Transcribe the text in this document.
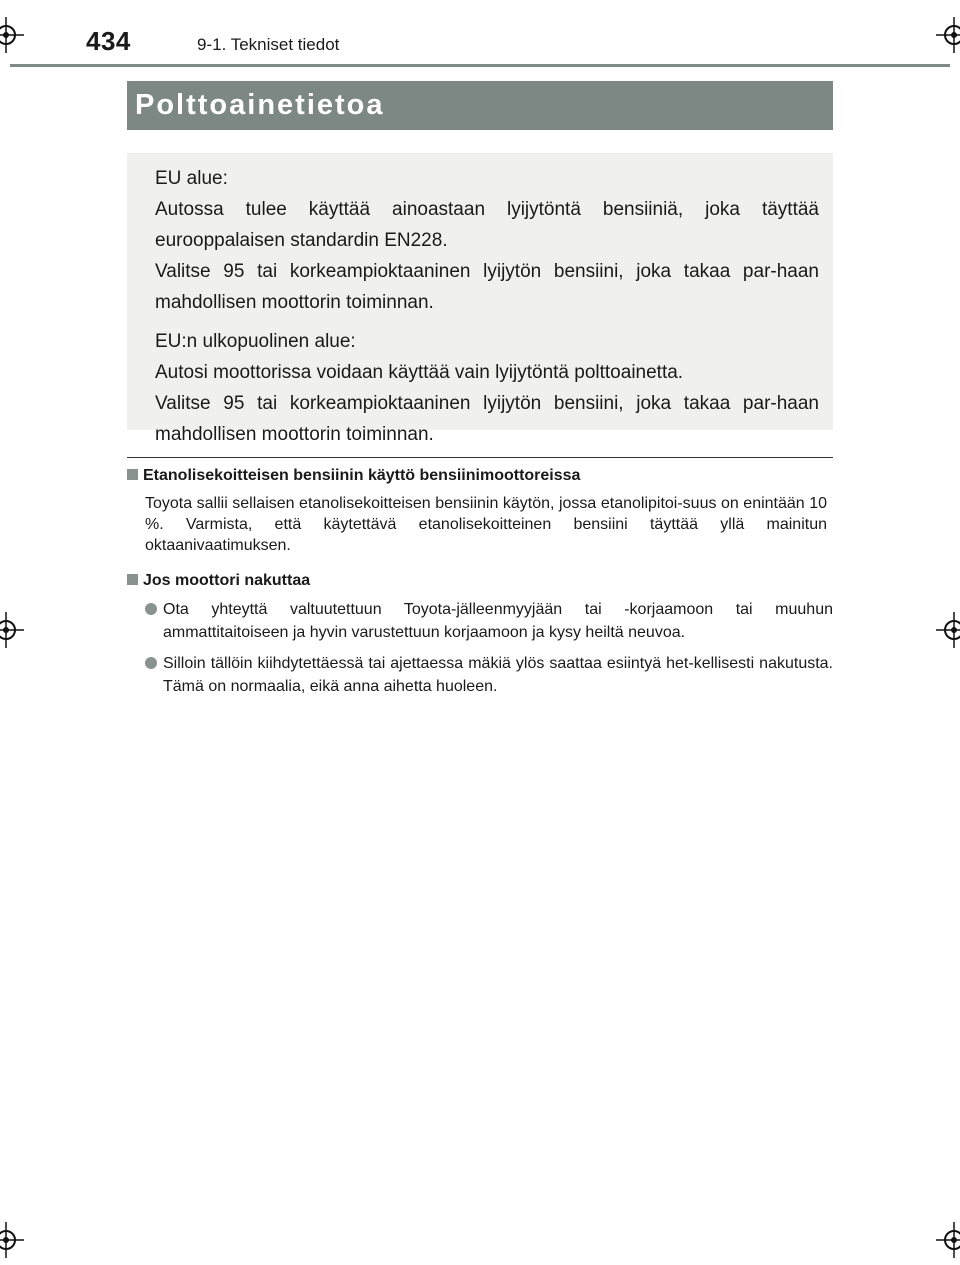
434	9-1. Tekniset tiedot
Polttoainetietoa

EU alue:

Autossa tulee käyttää ainoastaan lyijytöntä bensiiniä, joka täyttää eurooppalaisen standardin EN228.

Valitse 95 tai korkeampioktaaninen lyijytön bensiini, joka takaa par-haan mahdollisen moottorin toiminnan.

EU:n ulkopuolinen alue:

Autosi moottorissa voidaan käyttää vain lyijytöntä polttoainetta.

Valitse 95 tai korkeampioktaaninen lyijytön bensiini, joka takaa par-haan mahdollisen moottorin toiminnan.

Etanolisekoitteisen bensiinin käyttö bensiinimoottoreissa
Toyota sallii sellaisen etanolisekoitteisen bensiinin käytön, jossa etanolipitoi-suus on enintään 10 %. Varmista, että käytettävä etanolisekoitteinen bensiini täyttää yllä mainitun oktaanivaatimuksen.
Jos moottori nakuttaa
Ota yhteyttä valtuutettuun Toyota-jälleenmyyjään tai -korjaamoon tai muuhun ammattitaitoiseen ja hyvin varustettuun korjaamoon ja kysy heiltä neuvoa.
Silloin tällöin kiihdytettäessä tai ajettaessa mäkiä ylös saattaa esiintyä het-kellisesti nakutusta. Tämä on normaalia, eikä anna aihetta huoleen.
